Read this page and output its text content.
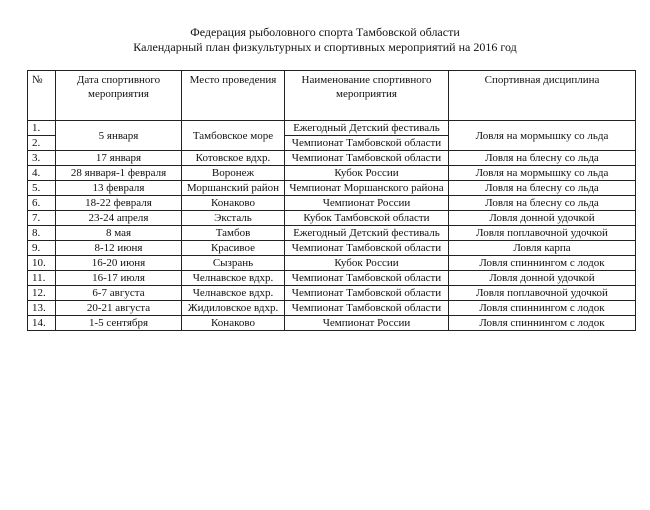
Федерация рыболовного спорта Тамбовской области
Календарный план физкультурных и спортивных мероприятий на 2016 год
№	Дата спортивного мероприятия	Место проведения	Наименование спортивного мероприятия	Спортивная дисциплина
1.	5 января	Тамбовское море	Ежегодный Детский фестиваль	Ловля на мормышку со льда
2.			Чемпионат Тамбовской области	
3.	17 января	Котовское вдхр.	Чемпионат Тамбовской области	Ловля на блесну со льда
4.	28 января-1 февраля	Воронеж	Кубок России	Ловля на мормышку со льда
5.	13 февраля	Моршанский район	Чемпионат Моршанского района	Ловля на блесну со льда
6.	18-22 февраля	Конаково	Чемпионат России	Ловля на блесну со льда
7.	23-24 апреля	Эксталь	Кубок Тамбовской области	Ловля донной удочкой
8.	8 мая	Тамбов	Ежегодный Детский фестиваль	Ловля поплавочной удочкой
9.	8-12 июня	Красивое	Чемпионат Тамбовской области	Ловля карпа
10.	16-20 июня	Сызрань	Кубок России	Ловля спиннингом с лодок
11.	16-17 июля	Челнавское вдхр.	Чемпионат Тамбовской области	Ловля донной удочкой
12.	6-7 августа	Челнавское вдхр.	Чемпионат Тамбовской области	Ловля поплавочной удочкой
13.	20-21 августа	Жидиловское вдхр.	Чемпионат Тамбовской области	Ловля спиннингом с лодок
14.	1-5 сентября	Конаково	Чемпионат России	Ловля спиннингом с лодок
